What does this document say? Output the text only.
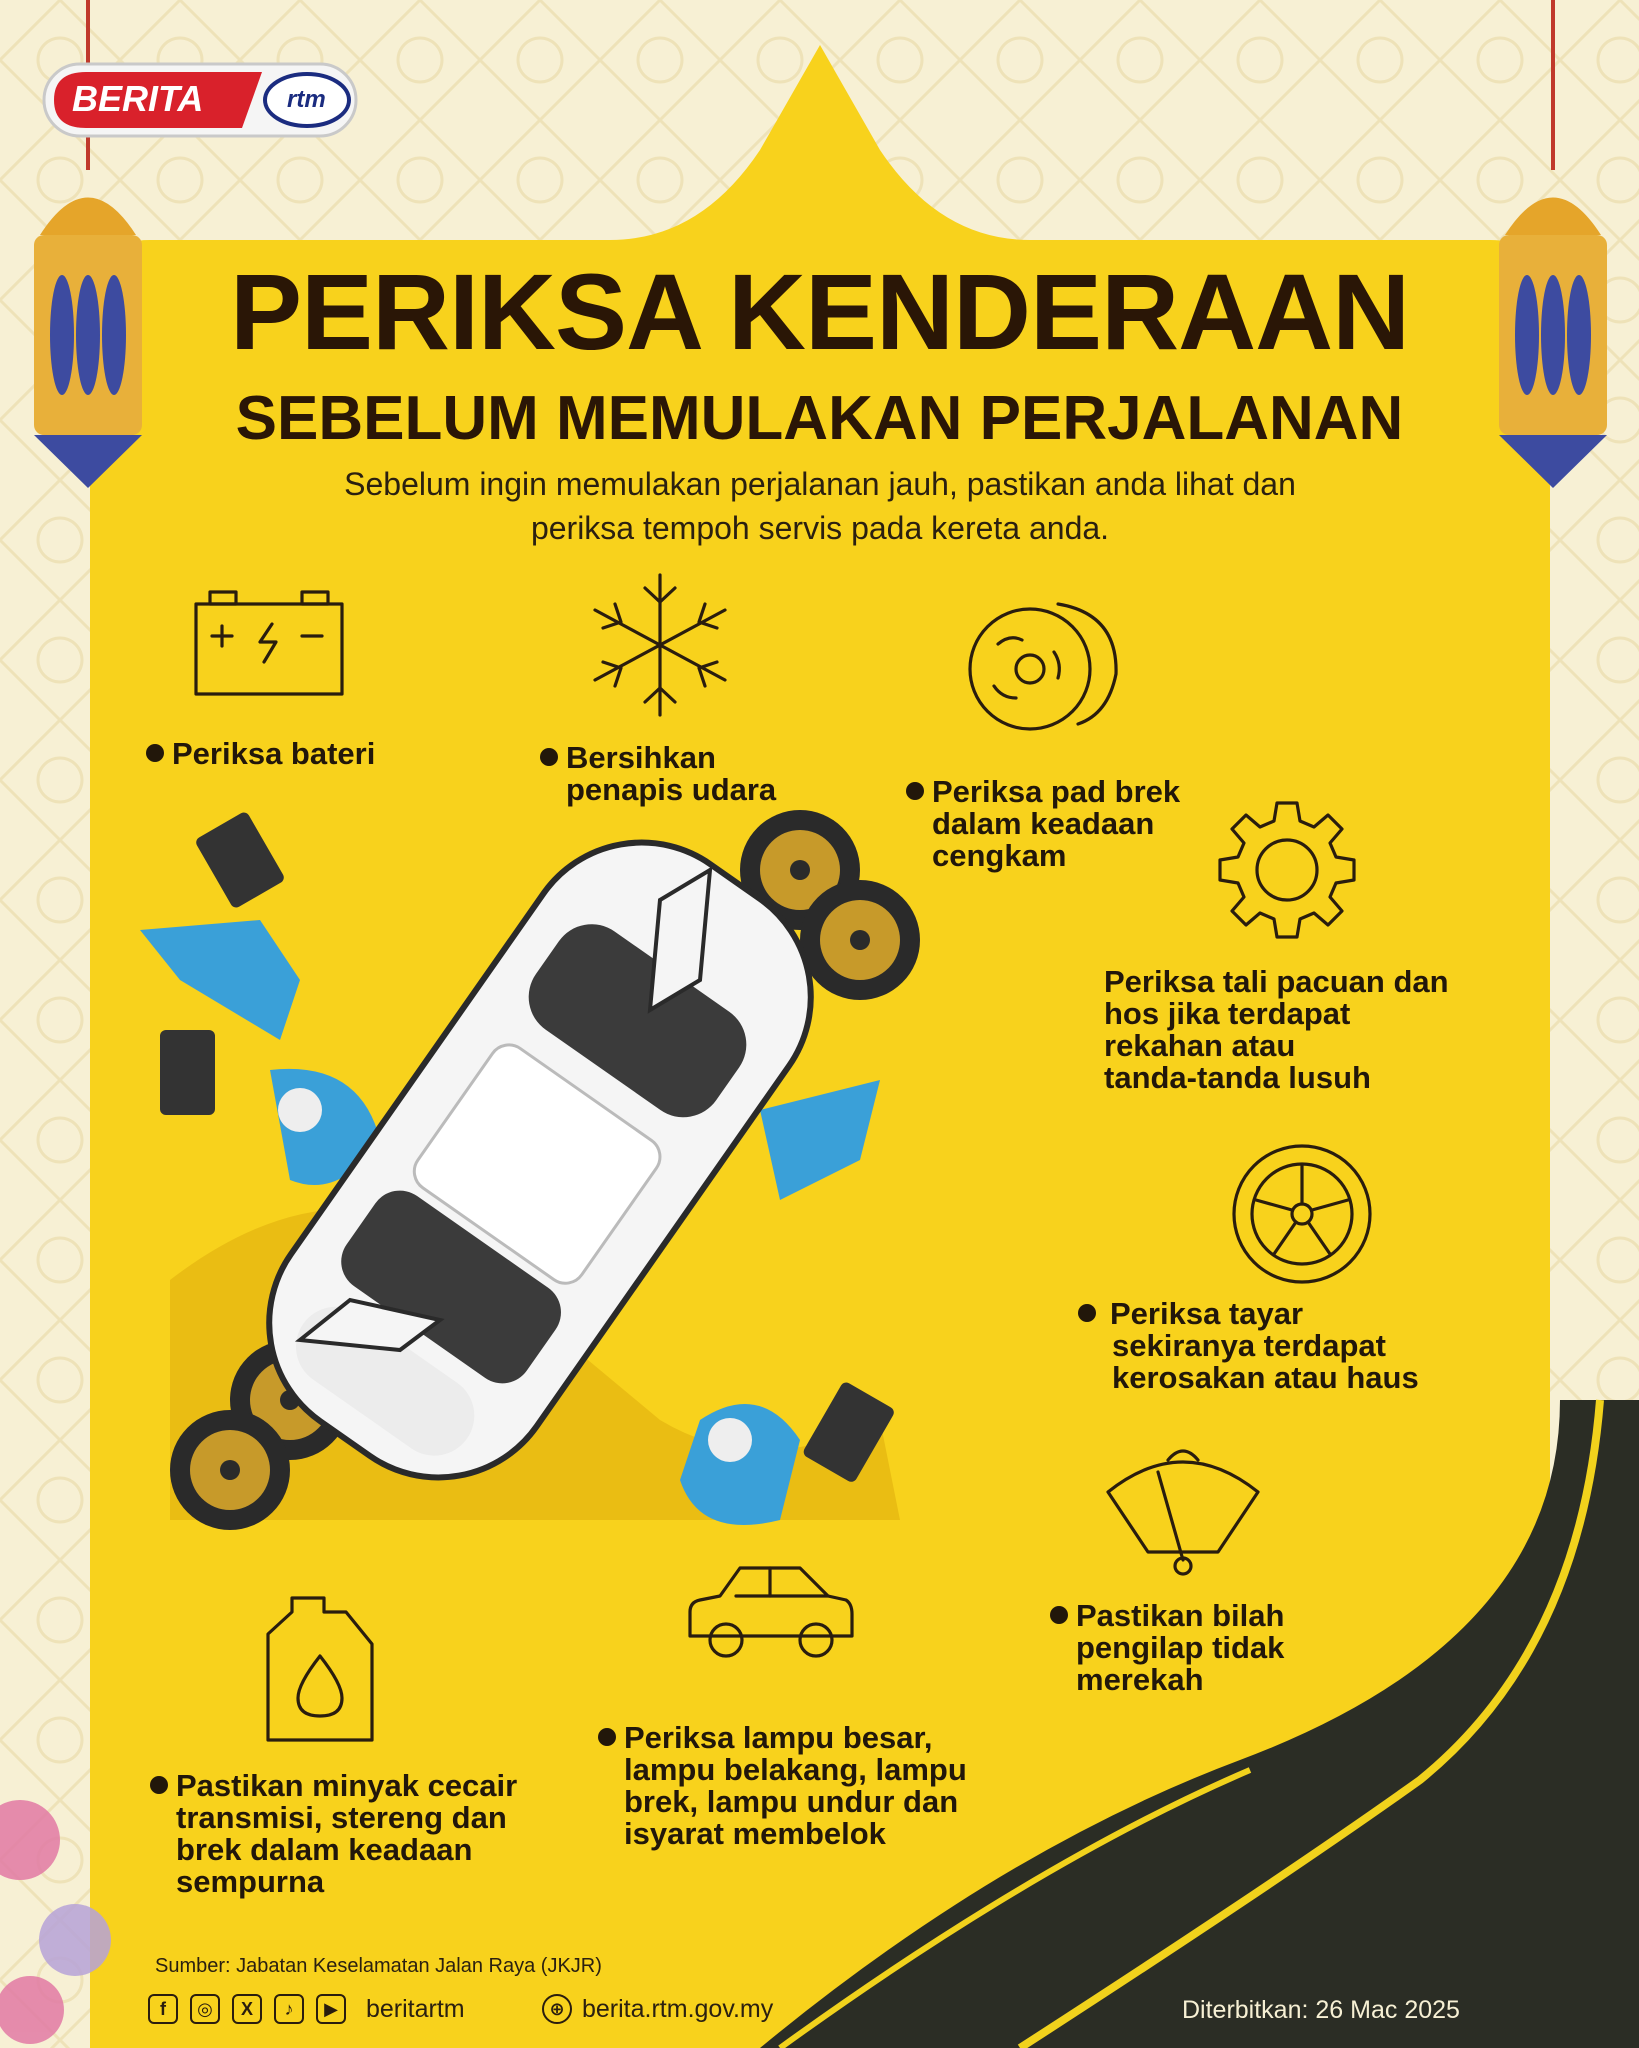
BERITA	rtm
PERIKSA KENDERAAN
SEBELUM MEMULAKAN PERJALANAN
Sebelum ingin memulakan perjalanan jauh, pastikan anda lihat dan
periksa tempoh servis pada kereta anda.
Periksa bateri	Bersihkan
penapis udara	Periksa pad brek
dalam keadaan
cengkam
Periksa tali pacuan dan
hos jika terdapat
rekahan atau
tanda-tanda lusuh
Periksa tayar
sekiranya terdapat
kerosakan atau haus
Pastikan bilah
pengilap tidak
merekah
Pastikan minyak cecair
transmisi, stereng dan
brek dalam keadaan
sempurna
Periksa lampu besar,
lampu belakang, lampu
brek, lampu undur dan
isyarat membelok
Sumber: Jabatan Keselamatan Jalan Raya (JKJR)
f	◎	X	♪	▶	beritartm	⊕ berita.rtm.gov.my	Diterbitkan: 26 Mac 2025
